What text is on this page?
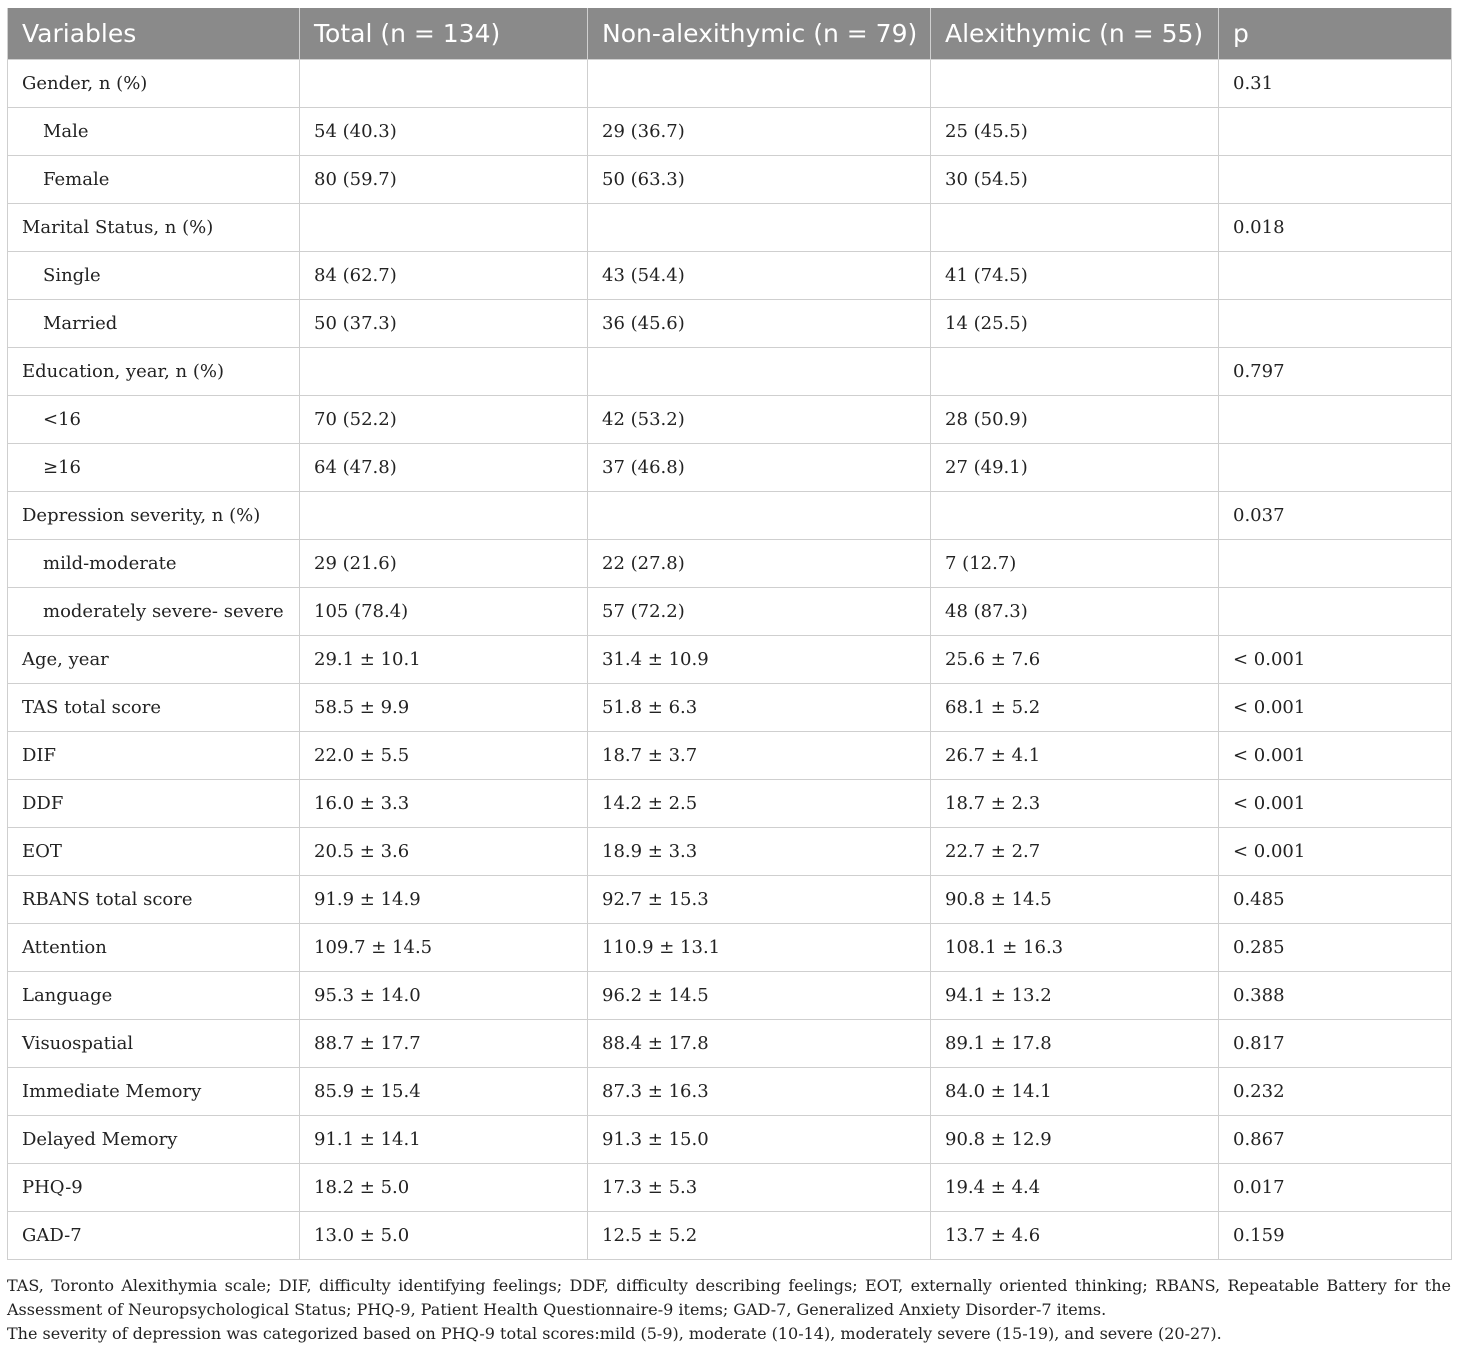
Variables	Total (n = 134)	Non-alexithymic (n = 79)	Alexithymic (n = 55)	p
Gender, n (%)				0.31
Male	54 (40.3)	29 (36.7)	25 (45.5)	
Female	80 (59.7)	50 (63.3)	30 (54.5)	
Marital Status, n (%)				0.018
Single	84 (62.7)	43 (54.4)	41 (74.5)	
Married	50 (37.3)	36 (45.6)	14 (25.5)	
Education, year, n (%)				0.797
<16	70 (52.2)	42 (53.2)	28 (50.9)	
≥16	64 (47.8)	37 (46.8)	27 (49.1)	
Depression severity, n (%)				0.037
mild-moderate	29 (21.6)	22 (27.8)	7 (12.7)	
moderately severe- severe	105 (78.4)	57 (72.2)	48 (87.3)	
Age, year	29.1 ± 10.1	31.4 ± 10.9	25.6 ± 7.6	< 0.001
TAS total score	58.5 ± 9.9	51.8 ± 6.3	68.1 ± 5.2	< 0.001
DIF	22.0 ± 5.5	18.7 ± 3.7	26.7 ± 4.1	< 0.001
DDF	16.0 ± 3.3	14.2 ± 2.5	18.7 ± 2.3	< 0.001
EOT	20.5 ± 3.6	18.9 ± 3.3	22.7 ± 2.7	< 0.001
RBANS total score	91.9 ± 14.9	92.7 ± 15.3	90.8 ± 14.5	0.485
Attention	109.7 ± 14.5	110.9 ± 13.1	108.1 ± 16.3	0.285
Language	95.3 ± 14.0	96.2 ± 14.5	94.1 ± 13.2	0.388
Visuospatial	88.7 ± 17.7	88.4 ± 17.8	89.1 ± 17.8	0.817
Immediate Memory	85.9 ± 15.4	87.3 ± 16.3	84.0 ± 14.1	0.232
Delayed Memory	91.1 ± 14.1	91.3 ± 15.0	90.8 ± 12.9	0.867
PHQ-9	18.2 ± 5.0	17.3 ± 5.3	19.4 ± 4.4	0.017
GAD-7	13.0 ± 5.0	12.5 ± 5.2	13.7 ± 4.6	0.159

TAS, Toronto Alexithymia scale; DIF, difficulty identifying feelings; DDF, difficulty describing feelings; EOT, externally oriented thinking; RBANS, Repeatable Battery for the Assessment of Neuropsychological Status; PHQ-9, Patient Health Questionnaire-9 items; GAD-7, Generalized Anxiety Disorder-7 items.

The severity of depression was categorized based on PHQ-9 total scores:mild (5-9), moderate (10-14), moderately severe (15-19), and severe (20-27).
